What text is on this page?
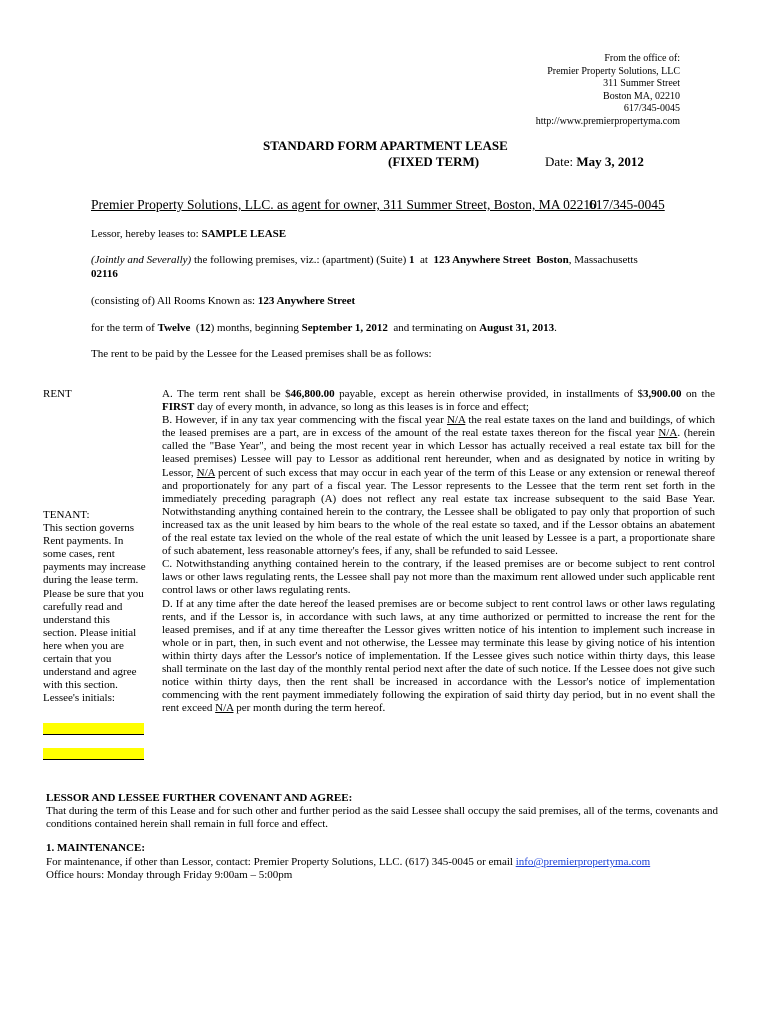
From the office of:
Premier Property Solutions, LLC
311 Summer Street
Boston MA, 02210
617/345-0045
http://www.premierpropertyma.com
STANDARD FORM APARTMENT LEASE
(FIXED TERM)	Date: May 3, 2012
Premier Property Solutions, LLC. as agent for owner, 311 Summer Street, Boston, MA 02210
617/345-0045
Lessor, hereby leases to: SAMPLE LEASE
(Jointly and Severally) the following premises, viz.: (apartment) (Suite) 1 at 123 Anywhere Street Boston, Massachusetts
02116
(consisting of) All Rooms Known as: 123 Anywhere Street
for the term of Twelve (12) months, beginning September 1, 2012 and terminating on August 31, 2013.
The rent to be paid by the Lessee for the Leased premises shall be as follows:
RENT
TENANT:
This section governs
Rent payments. In
some cases, rent
payments may increase
during the lease term.
Please be sure that you
carefully read and
understand this
section. Please initial
here when you are
certain that you
understand and agree
with this section.
Lessee's initials:

A. The term rent shall be $46,800.00 payable, except as herein otherwise provided, in installments of $3,900.00 on the FIRST day of every month, in advance, so long as this leases is in force and effect;

B. However, if in any tax year commencing with the fiscal year N/A the real estate taxes on the land and buildings, of which the leased premises are a part, are in excess of the amount of the real estate taxes thereon for the fiscal year N/A. (herein called the "Base Year", and being the most recent year in which Lessor has actually received a real estate tax bill for the leased premises) Lessee will pay to Lessor as additional rent hereunder, when and as designated by notice in writing by Lessor, N/A percent of such excess that may occur in each year of the term of this Lease or any extension or renewal thereof and proportionately for any part of a fiscal year. The Lessor represents to the Lessee that the term rent set forth in the immediately preceding paragraph (A) does not reflect any real estate tax increase subsequent to the said Base Year. Notwithstanding anything contained herein to the contrary, the Lessee shall be obligated to pay only that proportion of such increased tax as the unit leased by him bears to the whole of the real estate so taxed, and if the Lessor obtains an abatement of the real estate tax levied on the whole of the real estate of which the unit leased by Lessee is a part, a proportionate share of such abatement, less reasonable attorney's fees, if any, shall be refunded to said Lessee.

C. Notwithstanding anything contained herein to the contrary, if the leased premises are or become subject to rent control laws or other laws regulating rents, the Lessee shall pay not more than the maximum rent allowed under such applicable rent control laws or other laws regulating rents.

D. If at any time after the date hereof the leased premises are or become subject to rent control laws or other laws regulating rents, and if the Lessor is, in accordance with such laws, at any time authorized or permitted to increase the rent for the leased premises, and if at any time thereafter the Lessor gives written notice of his intention to implement such increase in whole or in part, then, in such event and not otherwise, the Lessee may terminate this lease by giving notice of his intention within thirty days after the Lessor's notice of implementation. If the Lessee gives such notice within thirty days, this lease shall terminate on the last day of the monthly rental period next after the date of such notice. If the Lessee does not give such notice within thirty days, then the rent shall be increased in accordance with the Lessor's notice of implementation commencing with the rent payment immediately following the expiration of said thirty day period, but in no event shall the rent exceed N/A per month during the term hereof.

LESSOR AND LESSEE FURTHER COVENANT AND AGREE:
That during the term of this Lease and for such other and further period as the said Lessee shall occupy the said premises, all of the terms, covenants and conditions contained herein shall remain in full force and effect.
1. MAINTENANCE:
For maintenance, if other than Lessor, contact: Premier Property Solutions, LLC. (617) 345-0045 or email info@premierpropertyma.com
Office hours: Monday through Friday 9:00am – 5:00pm
